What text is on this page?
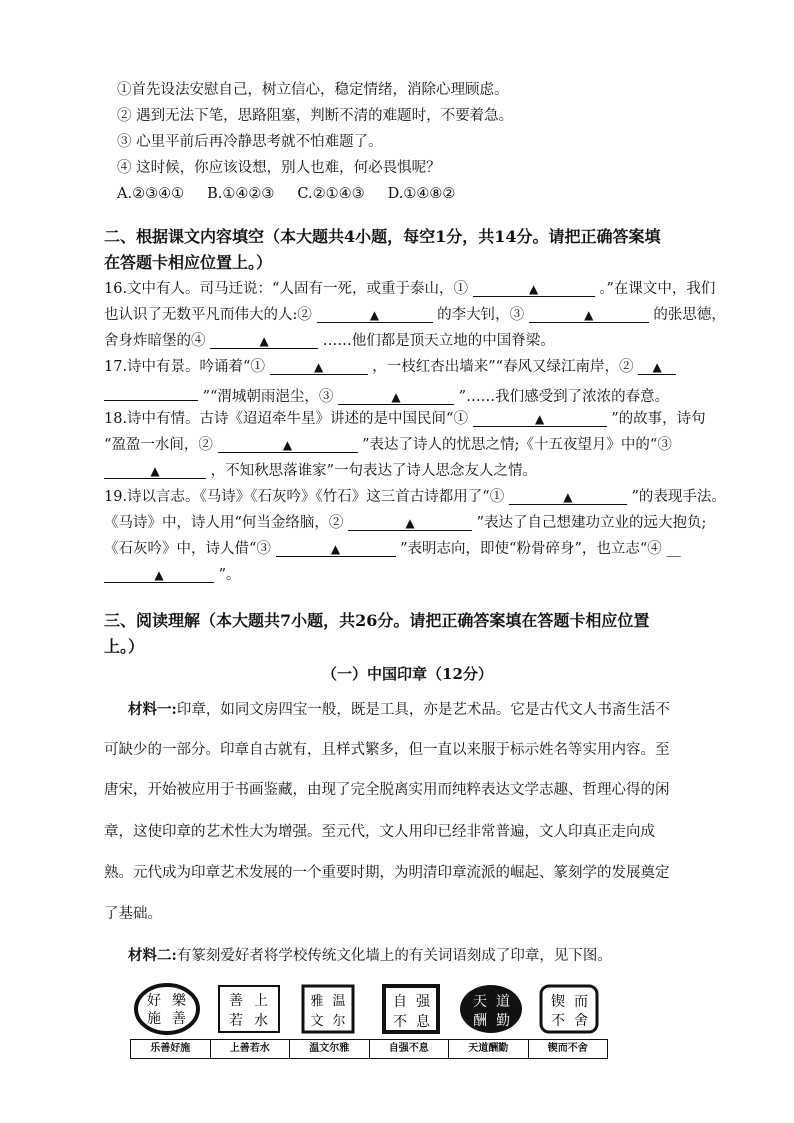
①首先设法安慰自己，树立信心，稳定情绪，消除心理顾虑。
② 遇到无法下笔，思路阻塞，判断不清的难题时，不要着急。
③ 心里平前后再冷静思考就不怕难题了。
④ 这时候，你应该设想，别人也难，何必畏惧呢？
A.②③④①     B.①④②③     C.②①④③     D.①④⑧②
二、根据课文内容填空（本大题共4小题，每空1分，共14分。请把正确答案填
在答题卡相应位置上。）
16.文中有人。司马迁说：“人固有一死，或重于泰山，①	▲	。”在课文中，我们
也认识了无数平凡而伟大的人:②	▲	的李大钊，③	▲	的张思德，
舍身炸暗堡的④	▲	……他们都是顶天立地的中国脊梁。
17.诗中有景。吟诵着“①	▲	，一枝红杏出墙来”“春风又绿江南岸，② ▲
”“渭城朝雨浥尘，③	▲	”……我们感受到了浓浓的春意。
18.诗中有情。古诗《迢迢牵牛星》讲述的是中国民间“①	▲	”的故事，诗句
“盈盈一水间，②	▲	”表达了诗人的忧思之情;《十五夜望月》中的“③
▲	，不知秋思落谁家”一句表达了诗人思念友人之情。
19.诗以言志。《马诗》《石灰吟》《竹石》这三首古诗都用了“①	▲	”的表现手法。
《马诗》中，诗人用“何当金络脑，②	▲	”表达了自己想建功立业的远大抱负;
《石灰吟》中，诗人借“③	▲	”表明志向，即使“粉骨碎身”，也立志“④ __
▲	”。
三、阅读理解（本大题共7小题，共26分。请把正确答案填在答题卡相应位置
上。）
（一）中国印章（12分）
材料一:印章，如同文房四宝一般，既是工具，亦是艺术品。它是古代文人书斋生活不
可缺少的一部分。印章自古就有，且样式繁多，但一直以来服于标示姓名等实用内容。至
唐宋，开始被应用于书画鉴藏，由现了完全脱离实用而纯粹表达文学志趣、哲理心得的闲
章，这使印章的艺术性大为增强。至元代，文人用印已经非常普遍，文人印真正走向成
熟。元代成为印章艺术发展的一个重要时期，为明清印章流派的崛起、篆刻学的发展奠定
了基础。
材料二:有篆刻爱好者将学校传统文化墙上的有关词语刻成了印章，见下图。
好 樂
施 善
善 上
若 水
雅 温
文 尔
自 强
不 息
天 道
酬 勤
锲 而
不 舍
乐善好施	上善若水	温文尔雅	自强不息	天道酬勤	锲而不舍
